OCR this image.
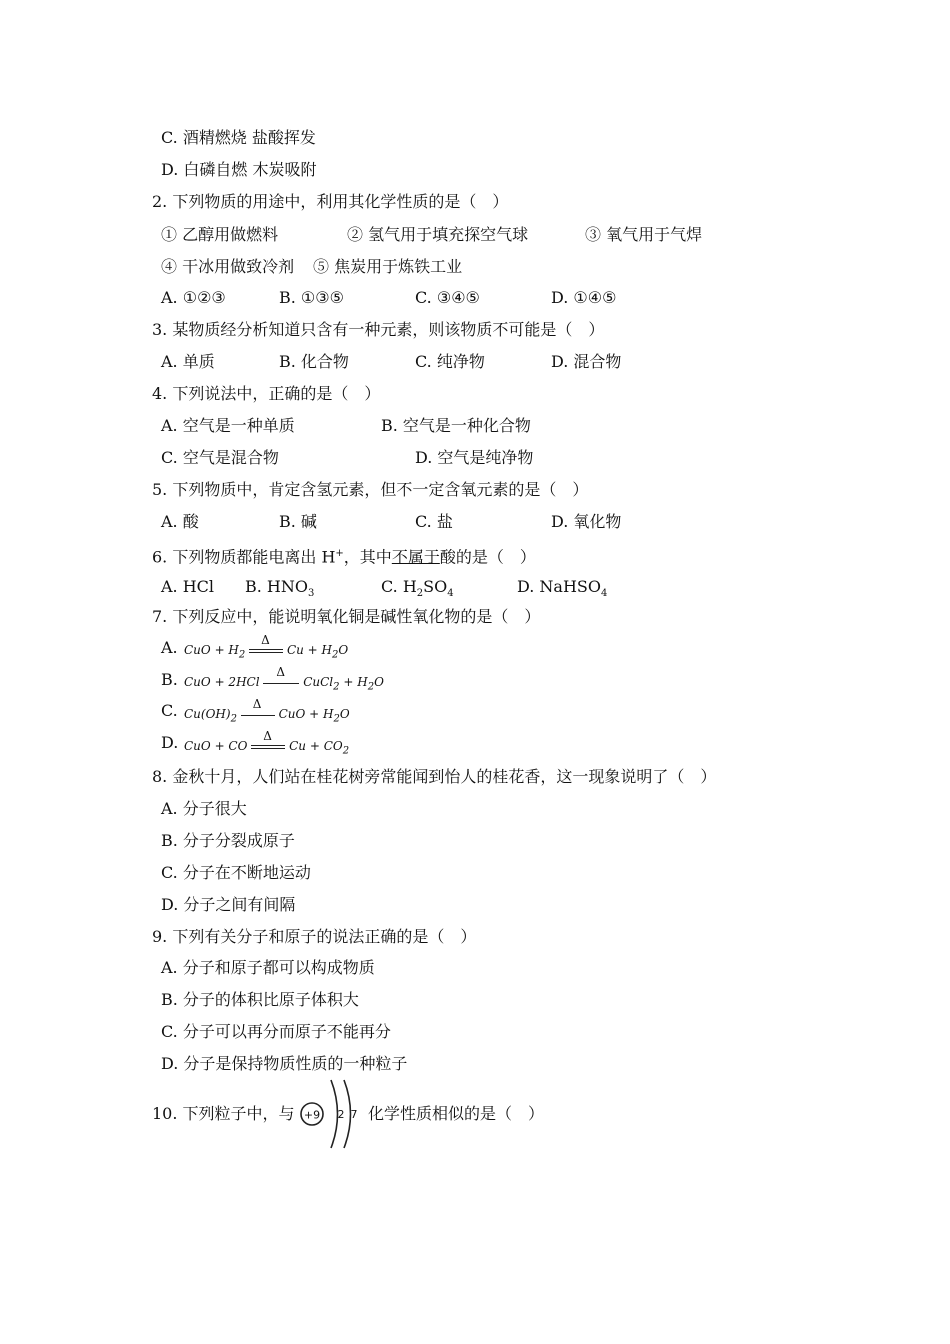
C. 酒精燃烧 盐酸挥发
D. 白磷自燃 木炭吸附
2. 下列物质的用途中，利用其化学性质的是（　）
① 乙醇用做燃料	② 氢气用于填充探空气球	③ 氧气用于气焊
④ 干冰用做致冷剂 ⑤ 焦炭用于炼铁工业
A. ①②③	B. ①③⑤	C. ③④⑤	D. ①④⑤
3. 某物质经分析知道只含有一种元素，则该物质不可能是（　）
A. 单质	B. 化合物	C. 纯净物	D. 混合物
4. 下列说法中，正确的是（　）
A. 空气是一种单质	B. 空气是一种化合物
C. 空气是混合物	D. 空气是纯净物
5. 下列物质中，肯定含氢元素，但不一定含氧元素的是（　）
A. 酸	B. 碱	C. 盐	D. 氧化物
6. 下列物质都能电离出 H+，其中不属于酸的是（　）
A. HCl B. $HNO_3$	C. $H_2SO_4$	D. NaHSO$_4$
7. 下列反应中，能说明氧化铜是碱性氧化物的是（　）
A. CuO + $H_2$
Δ
$Cu + H_2O$
B. CuO + 2HCl
Δ
CuCl$_2$ + $H_2O$
C. $Cu(OH)_2$
Δ
CuO + $H_2O$
D. CuO + CO
Δ
$Cu + CO_2$
8. 金秋十月，人们站在桂花树旁常能闻到怡人的桂花香，这一现象说明了（　）
A. 分子很大
B. 分子分裂成原子
C. 分子在不断地运动
D. 分子之间有间隔
9. 下列有关分子和原子的说法正确的是（　）
A. 分子和原子都可以构成物质
B. 分子的体积比原子体积大
C. 分子可以再分而原子不能再分
D. 分子是保持物质性质的一种粒子
10. 下列粒子中，与 +9 2 7 化学性质相似的是（　）
